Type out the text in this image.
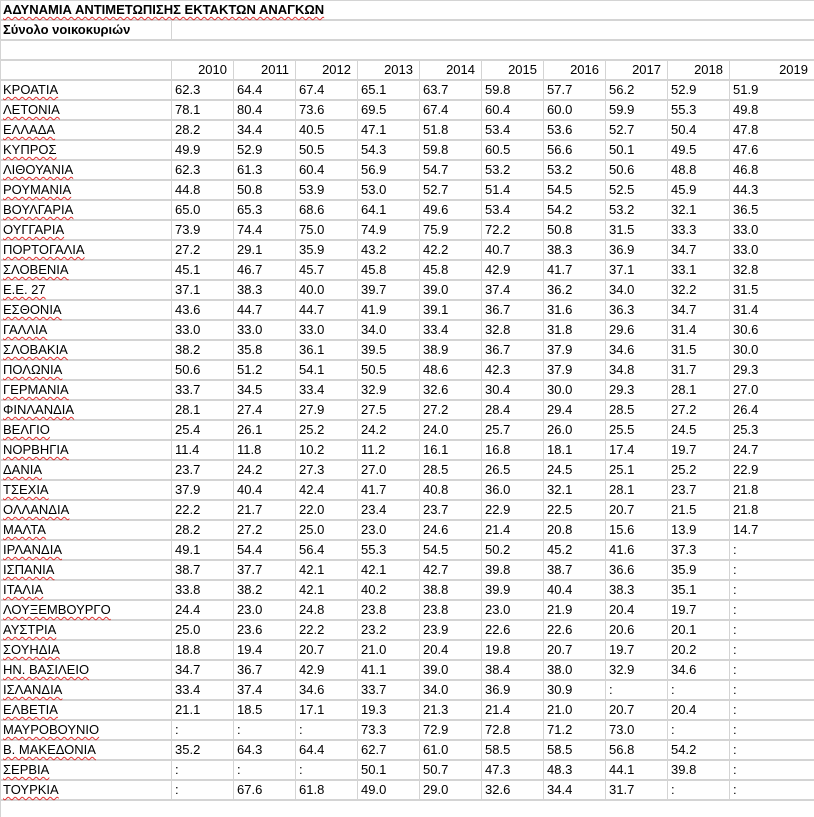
ΑΔΥΝΑΜΙΑ ΑΝΤΙΜΕΤΩΠΙΣΗΣ ΕΚΤΑΚΤΩΝ ΑΝΑΓΚΩΝ
Σύνολο νοικοκυριών
2010	2011	2012	2013	2014	2015	2016	2017	2018	2019
ΚΡΟΑΤΙΑ	62.3	64.4	67.4	65.1	63.7	59.8	57.7	56.2	52.9	51.9
ΛΕΤΟΝΙΑ	78.1	80.4	73.6	69.5	67.4	60.4	60.0	59.9	55.3	49.8
ΕΛΛΑΔΑ	28.2	34.4	40.5	47.1	51.8	53.4	53.6	52.7	50.4	47.8
ΚΥΠΡΟΣ	49.9	52.9	50.5	54.3	59.8	60.5	56.6	50.1	49.5	47.6
ΛΙΘΟΥΑΝΙΑ	62.3	61.3	60.4	56.9	54.7	53.2	53.2	50.6	48.8	46.8
ΡΟΥΜΑΝΙΑ	44.8	50.8	53.9	53.0	52.7	51.4	54.5	52.5	45.9	44.3
ΒΟΥΛΓΑΡΙΑ	65.0	65.3	68.6	64.1	49.6	53.4	54.2	53.2	32.1	36.5
ΟΥΓΓΑΡΙΑ	73.9	74.4	75.0	74.9	75.9	72.2	50.8	31.5	33.3	33.0
ΠΟΡΤΟΓΑΛΙΑ	27.2	29.1	35.9	43.2	42.2	40.7	38.3	36.9	34.7	33.0
ΣΛΟΒΕΝΙΑ	45.1	46.7	45.7	45.8	45.8	42.9	41.7	37.1	33.1	32.8
Ε.Ε. 27	37.1	38.3	40.0	39.7	39.0	37.4	36.2	34.0	32.2	31.5
ΕΣΘΟΝΙΑ	43.6	44.7	44.7	41.9	39.1	36.7	31.6	36.3	34.7	31.4
ΓΑΛΛΙΑ	33.0	33.0	33.0	34.0	33.4	32.8	31.8	29.6	31.4	30.6
ΣΛΟΒΑΚΙΑ	38.2	35.8	36.1	39.5	38.9	36.7	37.9	34.6	31.5	30.0
ΠΟΛΩΝΙΑ	50.6	51.2	54.1	50.5	48.6	42.3	37.9	34.8	31.7	29.3
ΓΕΡΜΑΝΙΑ	33.7	34.5	33.4	32.9	32.6	30.4	30.0	29.3	28.1	27.0
ΦΙΝΛΑΝΔΙΑ	28.1	27.4	27.9	27.5	27.2	28.4	29.4	28.5	27.2	26.4
ΒΕΛΓΙΟ	25.4	26.1	25.2	24.2	24.0	25.7	26.0	25.5	24.5	25.3
ΝΟΡΒΗΓΙΑ	11.4	11.8	10.2	11.2	16.1	16.8	18.1	17.4	19.7	24.7
ΔΑΝΙΑ	23.7	24.2	27.3	27.0	28.5	26.5	24.5	25.1	25.2	22.9
ΤΣΕΧΙΑ	37.9	40.4	42.4	41.7	40.8	36.0	32.1	28.1	23.7	21.8
ΟΛΛΑΝΔΙΑ	22.2	21.7	22.0	23.4	23.7	22.9	22.5	20.7	21.5	21.8
ΜΑΛΤΑ	28.2	27.2	25.0	23.0	24.6	21.4	20.8	15.6	13.9	14.7
ΙΡΛΑΝΔΙΑ	49.1	54.4	56.4	55.3	54.5	50.2	45.2	41.6	37.3	:
ΙΣΠΑΝΙΑ	38.7	37.7	42.1	42.1	42.7	39.8	38.7	36.6	35.9	:
ΙΤΑΛΙΑ	33.8	38.2	42.1	40.2	38.8	39.9	40.4	38.3	35.1	:
ΛΟΥΞΕΜΒΟΥΡΓΟ	24.4	23.0	24.8	23.8	23.8	23.0	21.9	20.4	19.7	:
ΑΥΣΤΡΙΑ	25.0	23.6	22.2	23.2	23.9	22.6	22.6	20.6	20.1	:
ΣΟΥΗΔΙΑ	18.8	19.4	20.7	21.0	20.4	19.8	20.7	19.7	20.2	:
ΗΝ. ΒΑΣΙΛΕΙΟ	34.7	36.7	42.9	41.1	39.0	38.4	38.0	32.9	34.6	:
ΙΣΛΑΝΔΙΑ	33.4	37.4	34.6	33.7	34.0	36.9	30.9	:	:	:
ΕΛΒΕΤΙΑ	21.1	18.5	17.1	19.3	21.3	21.4	21.0	20.7	20.4	:
ΜΑΥΡΟΒΟΥΝΙΟ	:	:	:	73.3	72.9	72.8	71.2	73.0	:	:
Β. ΜΑΚΕΔΟΝΙΑ	35.2	64.3	64.4	62.7	61.0	58.5	58.5	56.8	54.2	:
ΣΕΡΒΙΑ	:	:	:	50.1	50.7	47.3	48.3	44.1	39.8	:
ΤΟΥΡΚΙΑ	:	67.6	61.8	49.0	29.0	32.6	34.4	31.7	:	:
